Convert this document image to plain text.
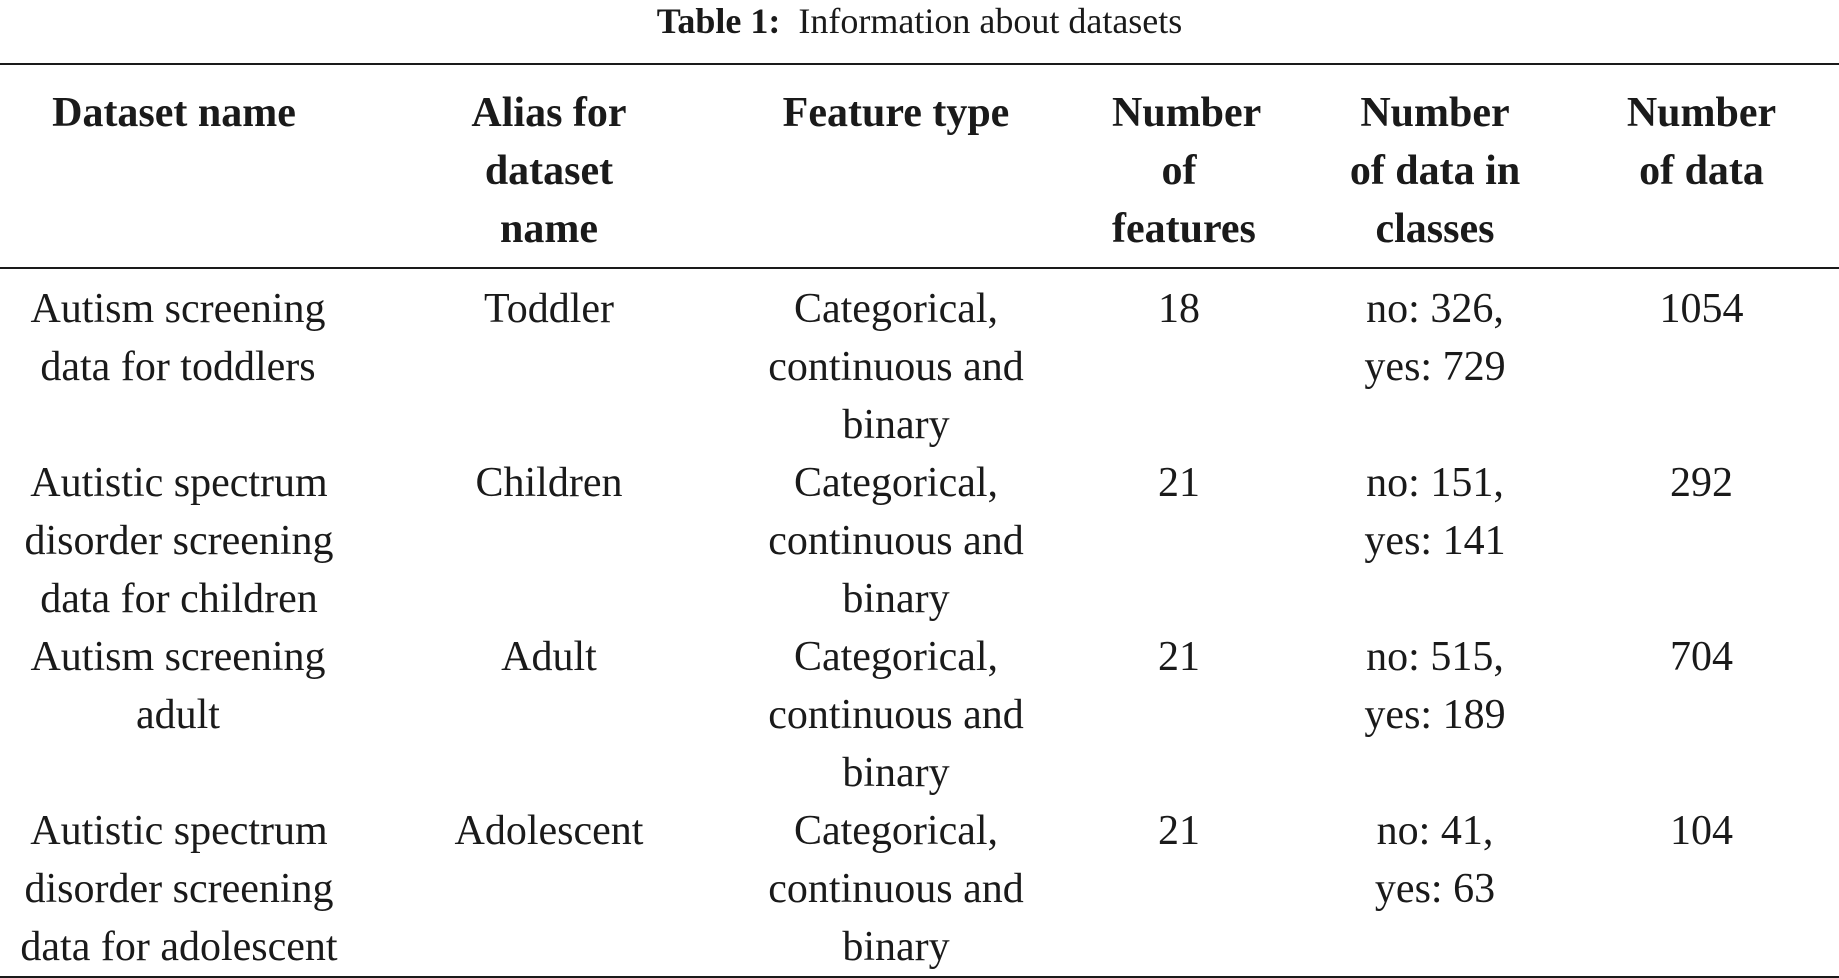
Table 1: Information about datasets
Dataset name	Alias for dataset name	Feature type	Number of features	Number of data in classes	Number of data
Autism screening data for toddlers	Toddler	Categorical, continuous and binary	18	no: 326, yes: 729	1054
Autistic spectrum disorder screening data for children	Children	Categorical, continuous and binary	21	no: 151, yes: 141	292
Autism screening adult	Adult	Categorical, continuous and binary	21	no: 515, yes: 189	704
Autistic spectrum disorder screening data for adolescent	Adolescent	Categorical, continuous and binary	21	no: 41, yes: 63	104
